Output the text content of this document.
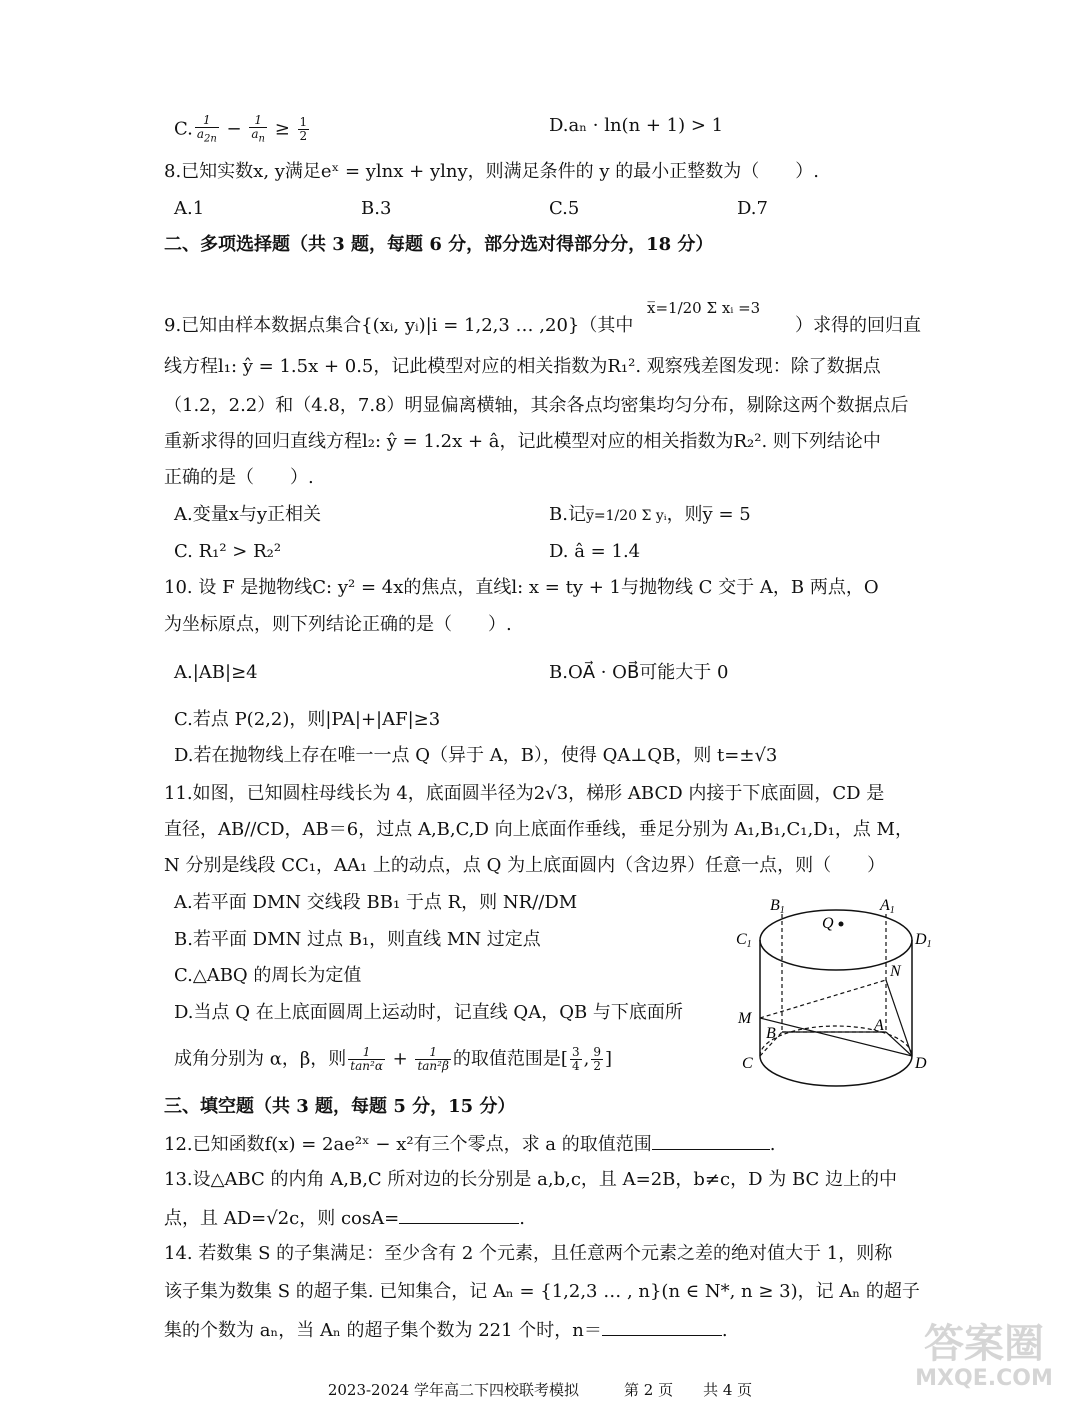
C. $\frac{1}{a_{2n}} - \frac{1}{a_n} \ge \frac{1}{2}$	D.aₙ · ln(n + 1) > 1
8.已知实数x, y满足eˣ = ylnx + ylny，则满足条件的 y 的最小正整数为（　　）.
A.1	B.3	C.5	D.7
二、多项选择题（共 3 题，每题 6 分，部分选对得部分分，18 分）
9.已知由样本数据点集合{(xᵢ, yᵢ)|i = 1,2,3 … ,20}（其中
x̅=1/20 Σ xᵢ =3
）求得的回归直
线方程l₁: ŷ = 1.5x + 0.5，记此模型对应的相关指数为R₁². 观察残差图发现：除了数据点
（1.2，2.2）和（4.8，7.8）明显偏离横轴，其余各点均密集均匀分布，剔除这两个数据点后
重新求得的回归直线方程l₂: ŷ = 1.2x + â，记此模型对应的相关指数为R₂². 则下列结论中
正确的是（　　）.
A.变量x与y正相关	B.记y̅=1/20 Σ yᵢ，则y̅ = 5
C. R₁² > R₂²	D. â = 1.4
10. 设 F 是抛物线C: y² = 4x的焦点，直线l: x = ty + 1与抛物线 C 交于 A，B 两点，O
为坐标原点，则下列结论正确的是（　　）.
A.|AB|≥4	B.OA⃗ · OB⃗可能大于 0
C.若点 P(2,2)，则|PA|+|AF|≥3
D.若在抛物线上存在唯一一点 Q（异于 A，B），使得 QA⊥QB，则 t=±√3
11.如图，已知圆柱母线长为 4，底面圆半径为2√3，梯形 ABCD 内接于下底面圆，CD 是
直径，AB∕∕CD，AB＝6，过点 A,B,C,D 向上底面作垂线，垂足分别为 A₁,B₁,C₁,D₁，点 M，
N 分别是线段 CC₁，AA₁ 上的动点，点 Q 为上底面圆内（含边界）任意一点，则（　　）
A.若平面 DMN 交线段 BB₁ 于点 R，则 NR∕∕DM
B.若平面 DMN 过点 B₁，则直线 MN 过定点
C.△ABQ 的周长为定值
D.当点 Q 在上底面圆周上运动时，记直线 QA，QB 与下底面所
成角分别为 α，β，则 $\frac{1}{\text{tan²α}} + \frac{1}{\text{tan²β}}$ 的取值范围是[ $\frac{3}{4}$ , $\frac{9}{2}$ ]
B1
Q
A1
C1	D1
N
M
B	A
C	D
三、填空题（共 3 题，每题 5 分，15 分）
12.已知函数f(x) = 2ae²ˣ − x²有三个零点，求 a 的取值范围	.
13.设△ABC 的内角 A,B,C 所对边的长分别是 a,b,c，且 A=2B，b≠c，D 为 BC 边上的中
点，且 AD=√2c，则 cosA=	.
14. 若数集 S 的子集满足：至少含有 2 个元素，且任意两个元素之差的绝对值大于 1，则称
该子集为数集 S 的超子集. 已知集合，记 Aₙ = {1,2,3 … , n}(n ∈ N*, n ≥ 3)，记 Aₙ 的超子
集的个数为 aₙ，当 Aₙ 的超子集个数为 221 个时，n＝	.	答案圈
MXQE.COM
2023-2024 学年高二下四校联考模拟　　　第 2 页　　共 4 页
